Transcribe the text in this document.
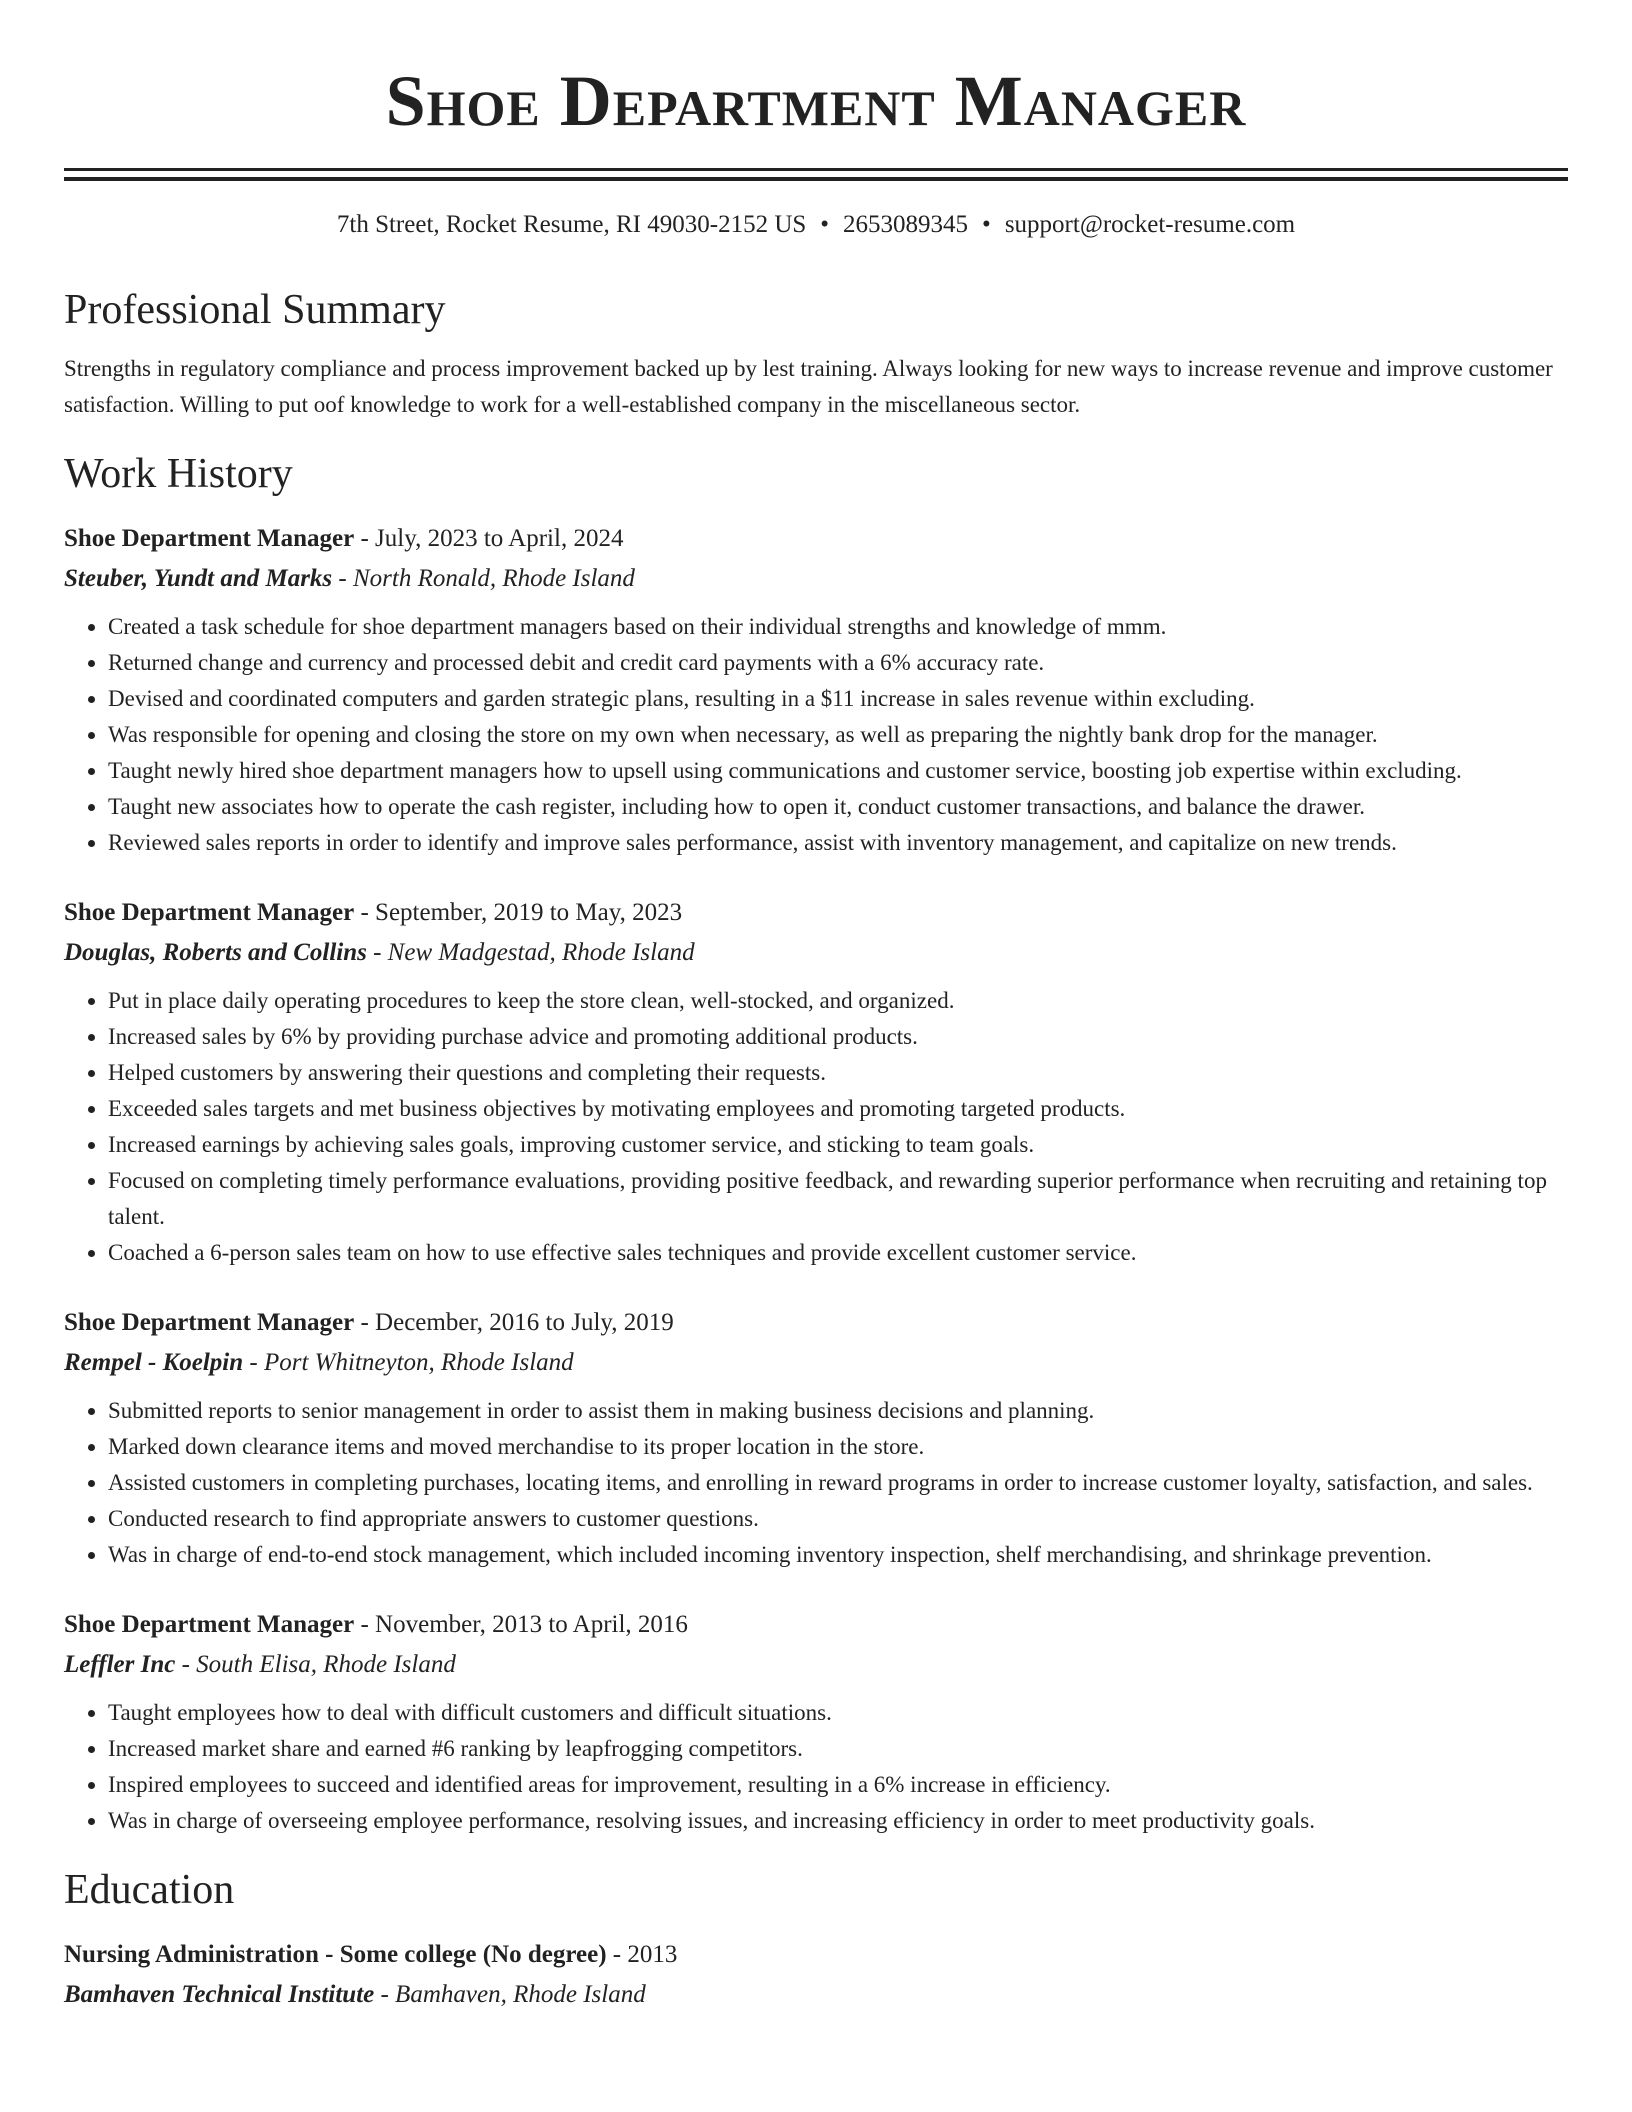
Shoe Department Manager
7th Street, Rocket Resume, RI 49030-2152 US • 2653089345 • support@rocket-resume.com
Professional Summary
Strengths in regulatory compliance and process improvement backed up by lest training. Always looking for new ways to increase revenue and improve customer satisfaction. Willing to put oof knowledge to work for a well-established company in the miscellaneous sector.
Work History
Shoe Department Manager - July, 2023 to April, 2024
Steuber, Yundt and Marks - North Ronald, Rhode Island
• Created a task schedule for shoe department managers based on their individual strengths and knowledge of mmm.
• Returned change and currency and processed debit and credit card payments with a 6% accuracy rate.
• Devised and coordinated computers and garden strategic plans, resulting in a $11 increase in sales revenue within excluding.
• Was responsible for opening and closing the store on my own when necessary, as well as preparing the nightly bank drop for the manager.
• Taught newly hired shoe department managers how to upsell using communications and customer service, boosting job expertise within excluding.
• Taught new associates how to operate the cash register, including how to open it, conduct customer transactions, and balance the drawer.
• Reviewed sales reports in order to identify and improve sales performance, assist with inventory management, and capitalize on new trends.
Shoe Department Manager - September, 2019 to May, 2023
Douglas, Roberts and Collins - New Madgestad, Rhode Island
• Put in place daily operating procedures to keep the store clean, well-stocked, and organized.
• Increased sales by 6% by providing purchase advice and promoting additional products.
• Helped customers by answering their questions and completing their requests.
• Exceeded sales targets and met business objectives by motivating employees and promoting targeted products.
• Increased earnings by achieving sales goals, improving customer service, and sticking to team goals.
• Focused on completing timely performance evaluations, providing positive feedback, and rewarding superior performance when recruiting and retaining top talent.
• Coached a 6-person sales team on how to use effective sales techniques and provide excellent customer service.
Shoe Department Manager - December, 2016 to July, 2019
Rempel - Koelpin - Port Whitneyton, Rhode Island
• Submitted reports to senior management in order to assist them in making business decisions and planning.
• Marked down clearance items and moved merchandise to its proper location in the store.
• Assisted customers in completing purchases, locating items, and enrolling in reward programs in order to increase customer loyalty, satisfaction, and sales.
• Conducted research to find appropriate answers to customer questions.
• Was in charge of end-to-end stock management, which included incoming inventory inspection, shelf merchandising, and shrinkage prevention.
Shoe Department Manager - November, 2013 to April, 2016
Leffler Inc - South Elisa, Rhode Island
• Taught employees how to deal with difficult customers and difficult situations.
• Increased market share and earned #6 ranking by leapfrogging competitors.
• Inspired employees to succeed and identified areas for improvement, resulting in a 6% increase in efficiency.
• Was in charge of overseeing employee performance, resolving issues, and increasing efficiency in order to meet productivity goals.
Education
Nursing Administration - Some college (No degree) - 2013
Bamhaven Technical Institute - Bamhaven, Rhode Island
